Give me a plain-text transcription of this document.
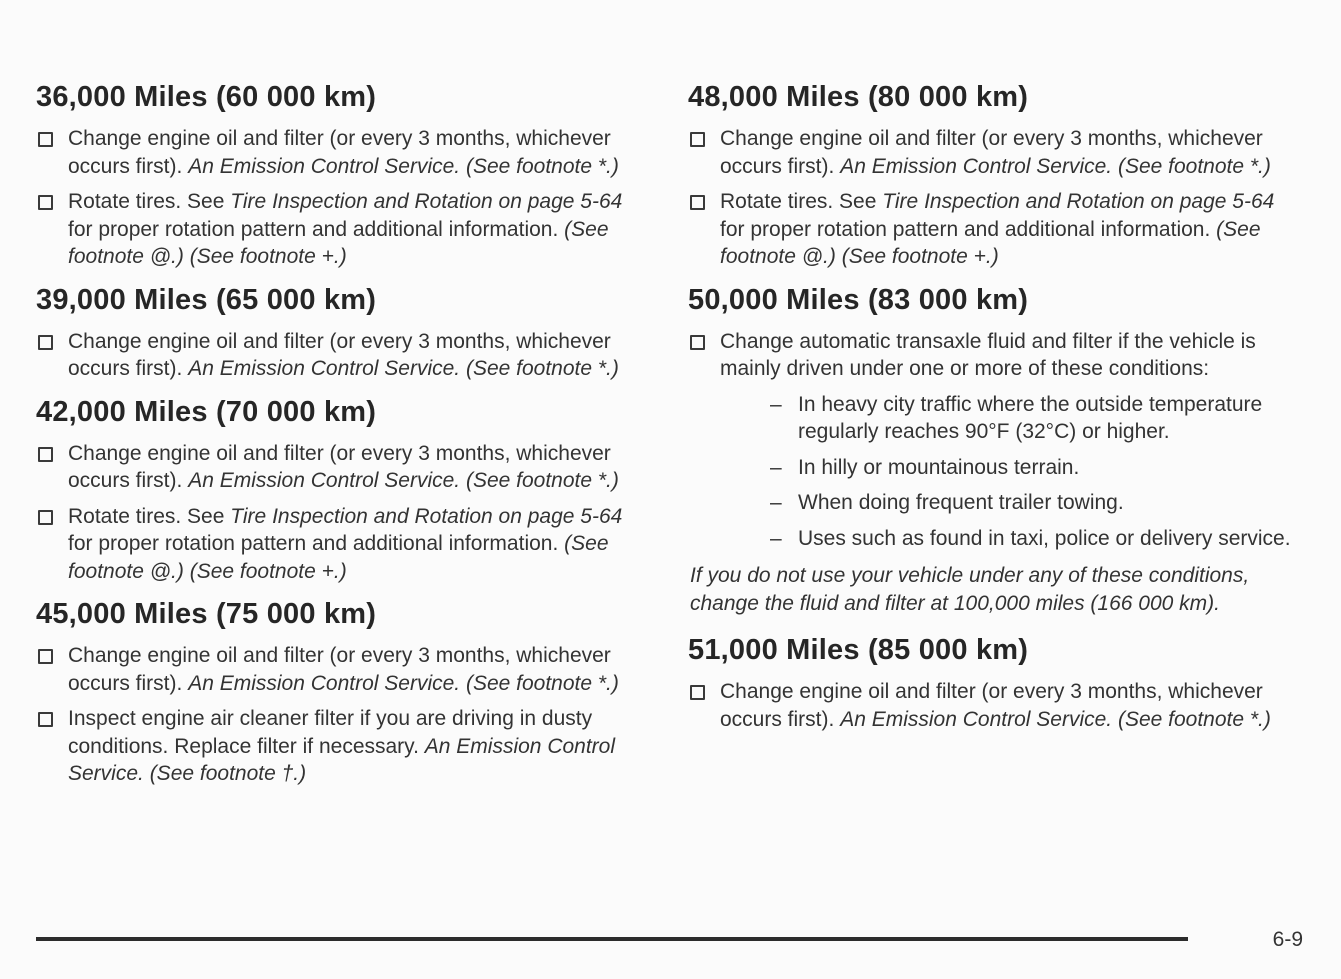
36,000 Miles (60 000 km)
Change engine oil and filter (or every 3 months, whichever occurs first). An Emission Control Service. (See footnote *.)
Rotate tires. See Tire Inspection and Rotation on page 5-64 for proper rotation pattern and additional information. (See footnote @.) (See footnote +.)
39,000 Miles (65 000 km)
Change engine oil and filter (or every 3 months, whichever occurs first). An Emission Control Service. (See footnote *.)
42,000 Miles (70 000 km)
Change engine oil and filter (or every 3 months, whichever occurs first). An Emission Control Service. (See footnote *.)
Rotate tires. See Tire Inspection and Rotation on page 5-64 for proper rotation pattern and additional information. (See footnote @.) (See footnote +.)
45,000 Miles (75 000 km)
Change engine oil and filter (or every 3 months, whichever occurs first). An Emission Control Service. (See footnote *.)
Inspect engine air cleaner filter if you are driving in dusty conditions. Replace filter if necessary. An Emission Control Service. (See footnote †.)
48,000 Miles (80 000 km)
Change engine oil and filter (or every 3 months, whichever occurs first). An Emission Control Service. (See footnote *.)
Rotate tires. See Tire Inspection and Rotation on page 5-64 for proper rotation pattern and additional information. (See footnote @.) (See footnote +.)
50,000 Miles (83 000 km)
Change automatic transaxle fluid and filter if the vehicle is mainly driven under one or more of these conditions:
– In heavy city traffic where the outside temperature regularly reaches 90°F (32°C) or higher.
– In hilly or mountainous terrain.
– When doing frequent trailer towing.
– Uses such as found in taxi, police or delivery service.

If you do not use your vehicle under any of these conditions, change the fluid and filter at 100,000 miles (166 000 km).

51,000 Miles (85 000 km)
Change engine oil and filter (or every 3 months, whichever occurs first). An Emission Control Service. (See footnote *.)
6-9
